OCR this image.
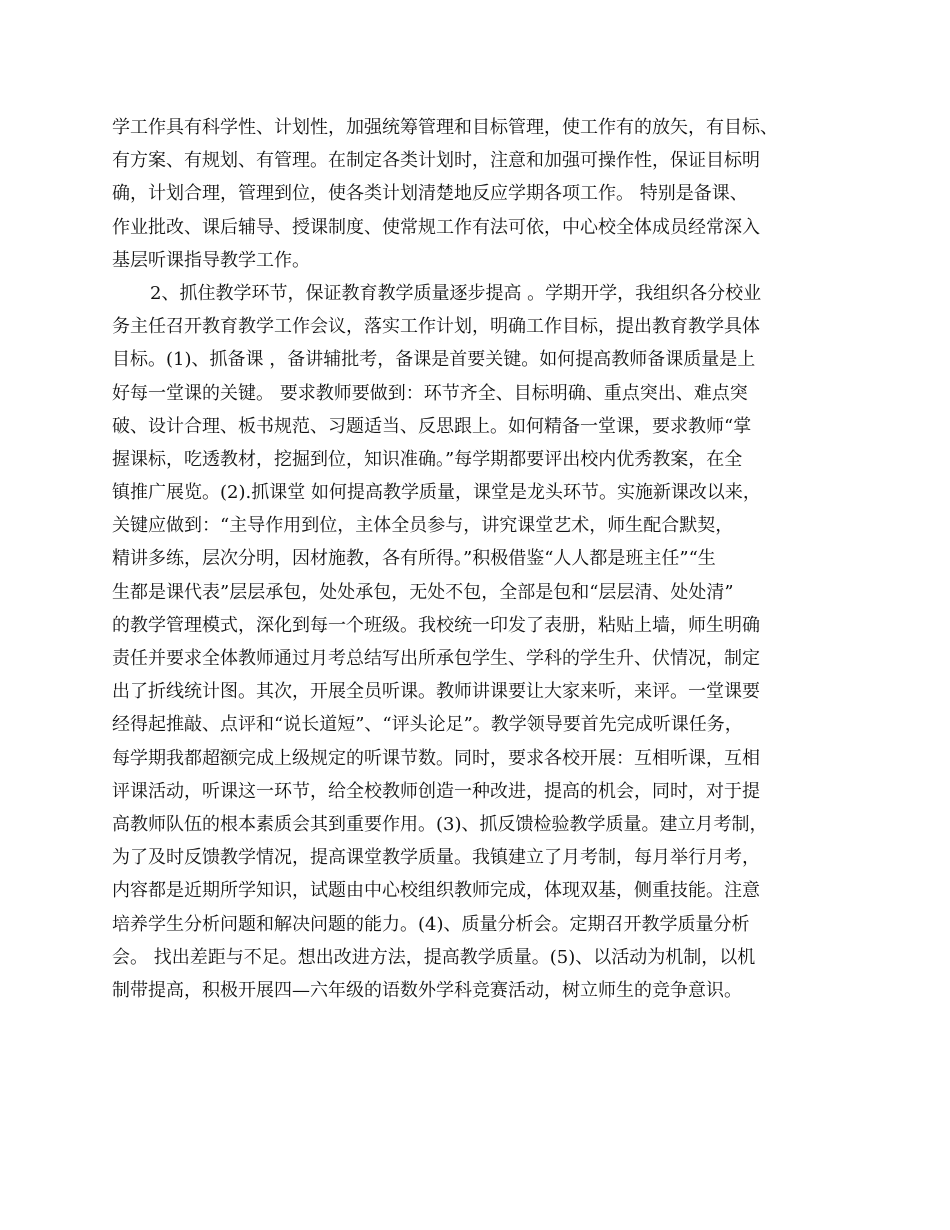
学工作具有科学性、计划性，加强统筹管理和目标管理，使工作有的放矢，有目标、
有方案、有规划、有管理。在制定各类计划时，注意和加强可操作性，保证目标明
确，计划合理，管理到位，使各类计划清楚地反应学期各项工作。 特别是备课、
作业批改、课后辅导、授课制度、使常规工作有法可依，中心校全体成员经常深入
基层听课指导教学工作。
2、抓住教学环节，保证教育教学质量逐步提高 。学期开学，我组织各分校业
务主任召开教育教学工作会议，落实工作计划，明确工作目标，提出教育教学具体
目标。(1)、抓备课 ，备讲辅批考，备课是首要关键。如何提高教师备课质量是上
好每一堂课的关键。 要求教师要做到：环节齐全、目标明确、重点突出、难点突
破、设计合理、板书规范、习题适当、反思跟上。如何精备一堂课，要求教师“掌
握课标，吃透教材，挖掘到位，知识准确。”每学期都要评出校内优秀教案，在全
镇推广展览。(2).抓课堂 如何提高教学质量，课堂是龙头环节。实施新课改以来，
关键应做到：“主导作用到位，主体全员参与，讲究课堂艺术，师生配合默契，
精讲多练，层次分明，因材施教，各有所得。”积极借鉴“人人都是班主任”“生
生都是课代表”层层承包，处处承包，无处不包，全部是包和“层层清、处处清”
的教学管理模式，深化到每一个班级。我校统一印发了表册，粘贴上墙，师生明确
责任并要求全体教师通过月考总结写出所承包学生、学科的学生升、伏情况，制定
出了折线统计图。其次，开展全员听课。教师讲课要让大家来听，来评。一堂课要
经得起推敲、点评和“说长道短”、“评头论足”。教学领导要首先完成听课任务，
每学期我都超额完成上级规定的听课节数。同时，要求各校开展：互相听课，互相
评课活动，听课这一环节，给全校教师创造一种改进，提高的机会，同时，对于提
高教师队伍的根本素质会其到重要作用。(3)、抓反馈检验教学质量。建立月考制，
为了及时反馈教学情况，提高课堂教学质量。我镇建立了月考制，每月举行月考，
内容都是近期所学知识，试题由中心校组织教师完成，体现双基，侧重技能。注意
培养学生分析问题和解决问题的能力。(4)、质量分析会。定期召开教学质量分析
会。 找出差距与不足。想出改进方法，提高教学质量。(5)、以活动为机制，以机
制带提高，积极开展四—六年级的语数外学科竞赛活动，树立师生的竞争意识。
